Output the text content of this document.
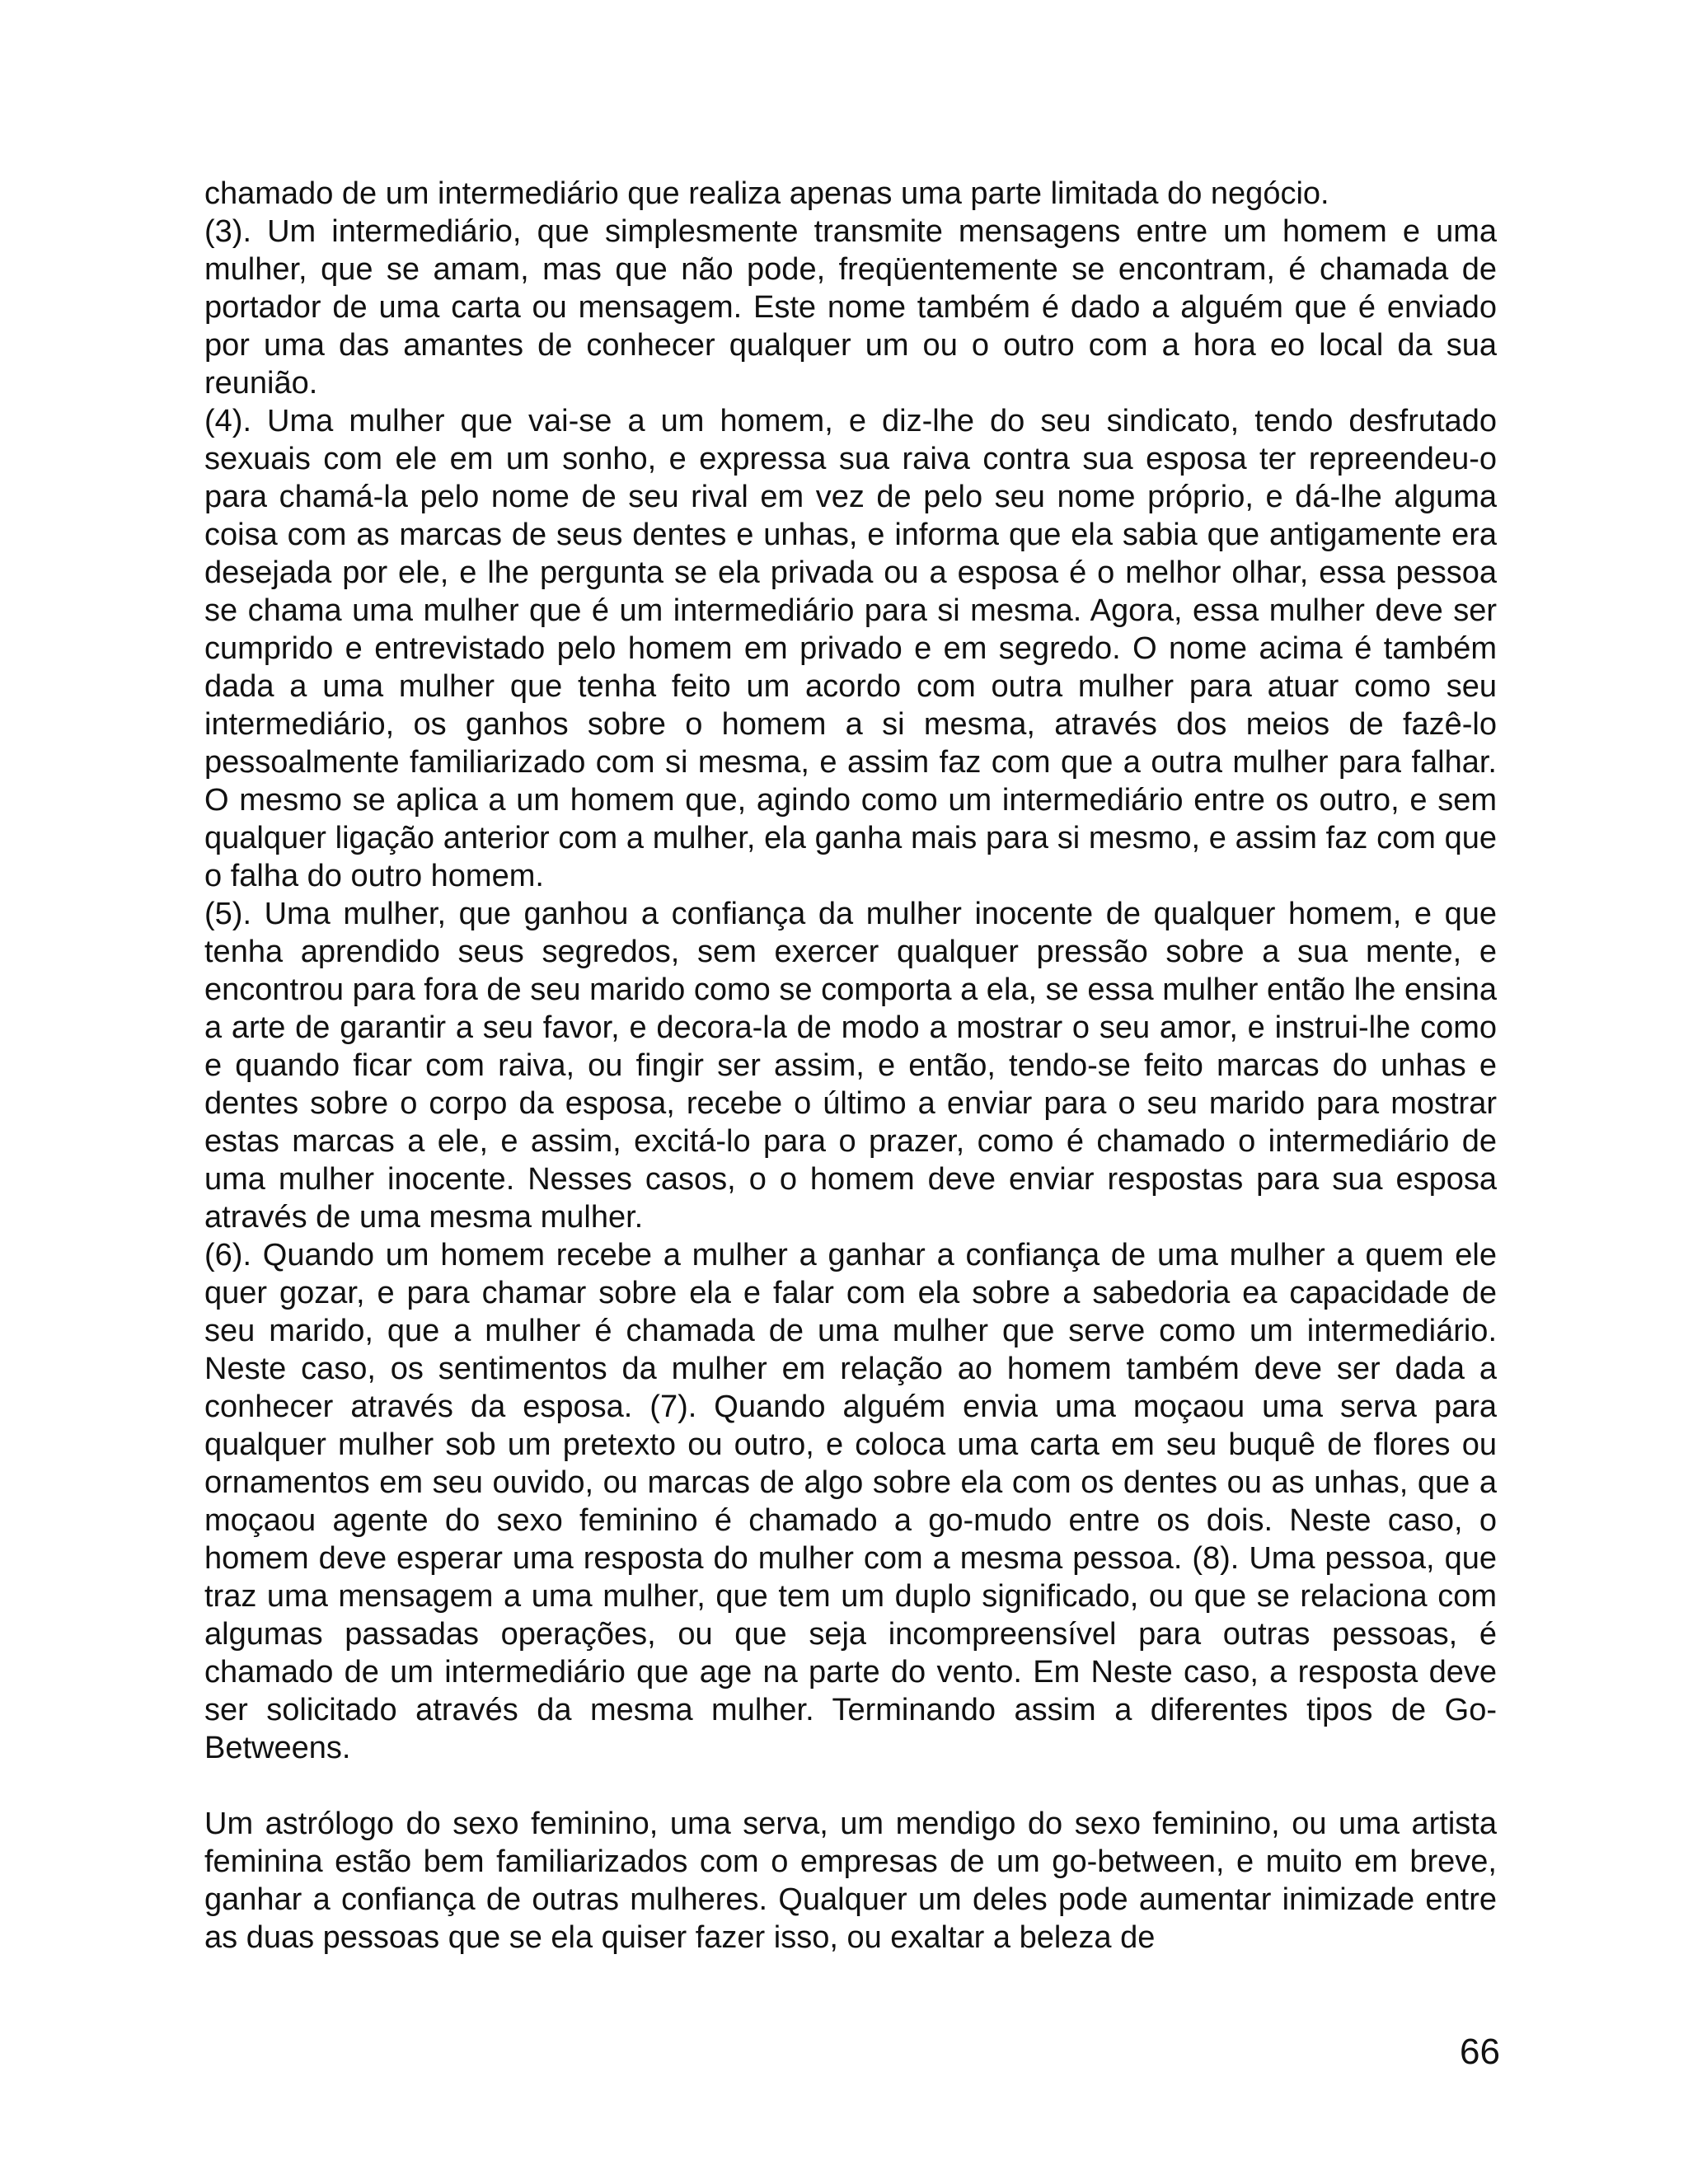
chamado de um intermediário que realiza apenas uma parte limitada do negócio.

(3). Um intermediário, que simplesmente transmite mensagens entre um homem e uma mulher, que se amam, mas que não pode, freqüentemente se encontram, é chamada de portador de uma carta ou mensagem. Este nome também é dado a alguém que é enviado por uma das amantes de conhecer qualquer um ou o outro com a hora eo local da sua reunião.

(4). Uma mulher que vai-se a um homem, e diz-lhe do seu sindicato, tendo desfrutado sexuais com ele em um sonho, e expressa sua raiva contra sua esposa ter repreendeu-o para chamá-la pelo nome de seu rival em vez de pelo seu nome próprio, e dá-lhe alguma coisa com as marcas de seus dentes e unhas, e informa que ela sabia que antigamente era desejada por ele, e lhe pergunta se ela privada ou a esposa é o melhor olhar, essa pessoa se chama uma mulher que é um intermediário para si mesma. Agora, essa mulher deve ser cumprido e entrevistado pelo homem em privado e em segredo. O nome acima é também dada a uma mulher que tenha feito um acordo com outra mulher para atuar como seu intermediário, os ganhos sobre o homem a si mesma, através dos meios de fazê-lo pessoalmente familiarizado com si mesma, e assim faz com que a outra mulher para falhar. O mesmo se aplica a um homem que, agindo como um intermediário entre os outro, e sem qualquer ligação anterior com a mulher, ela ganha mais para si mesmo, e assim faz com que o falha do outro homem.

(5). Uma mulher, que ganhou a confiança da mulher inocente de qualquer homem, e que tenha aprendido seus segredos, sem exercer qualquer pressão sobre a sua mente, e encontrou para fora de seu marido como se comporta a ela, se essa mulher então lhe ensina a arte de garantir a seu favor, e decora-la de modo a mostrar o seu amor, e instrui-lhe como e quando ficar com raiva, ou fingir ser assim, e então, tendo-se feito marcas do unhas e dentes sobre o corpo da esposa, recebe o último a enviar para o seu marido para mostrar estas marcas a ele, e assim, excitá-lo para o prazer, como é chamado o intermediário de uma mulher inocente. Nesses casos, o o homem deve enviar respostas para sua esposa através de uma mesma mulher.

(6). Quando um homem recebe a mulher a ganhar a confiança de uma mulher a quem ele quer gozar, e para chamar sobre ela e falar com ela sobre a sabedoria ea capacidade de seu marido, que a mulher é chamada de uma mulher que serve como um intermediário. Neste caso, os sentimentos da mulher em relação ao homem também deve ser dada a conhecer através da esposa. (7). Quando alguém envia uma moçaou uma serva para qualquer mulher sob um pretexto ou outro, e coloca uma carta em seu buquê de flores ou ornamentos em seu ouvido, ou marcas de algo sobre ela com os dentes ou as unhas, que a moçaou agente do sexo feminino é chamado a go-mudo entre os dois. Neste caso, o homem deve esperar uma resposta do mulher com a mesma pessoa. (8). Uma pessoa, que traz uma mensagem a uma mulher, que tem um duplo significado, ou que se relaciona com algumas passadas operações, ou que seja incompreensível para outras pessoas, é chamado de um intermediário que age na parte do vento. Em Neste caso, a resposta deve ser solicitado através da mesma mulher. Terminando assim a diferentes tipos de Go-Betweens.

Um astrólogo do sexo feminino, uma serva, um mendigo do sexo feminino, ou uma artista feminina estão bem familiarizados com o empresas de um go-between, e muito em breve, ganhar a confiança de outras mulheres. Qualquer um deles pode aumentar inimizade entre as duas pessoas que se ela quiser fazer isso, ou exaltar a beleza de

66
